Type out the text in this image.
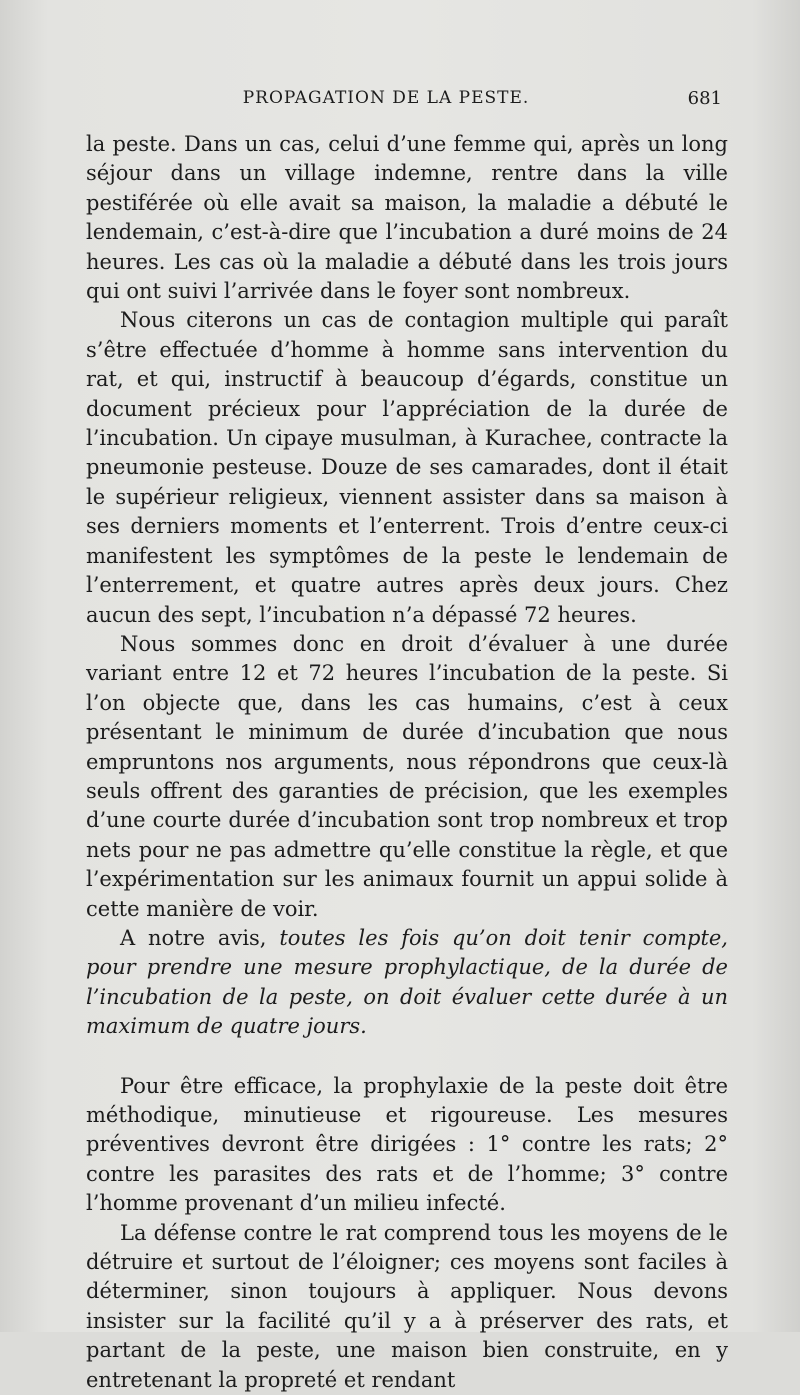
PROPAGATION DE LA PESTE.	681

la peste. Dans un cas, celui d’une femme qui, après un long séjour dans un village indemne, rentre dans la ville pestiférée où elle avait sa maison, la maladie a débuté le lendemain, c’est-à-dire que l’incubation a duré moins de 24 heures. Les cas où la maladie a débuté dans les trois jours qui ont suivi l’arrivée dans le foyer sont nombreux.

Nous citerons un cas de contagion multiple qui paraît s’être effectuée d’homme à homme sans intervention du rat, et qui, instructif à beaucoup d’égards, constitue un document précieux pour l’appréciation de la durée de l’incubation. Un cipaye musulman, à Kurachee, contracte la pneumonie pesteuse. Douze de ses camarades, dont il était le supérieur religieux, viennent assister dans sa maison à ses derniers moments et l’enterrent. Trois d’entre ceux-ci manifestent les symptômes de la peste le lendemain de l’enterrement, et quatre autres après deux jours. Chez aucun des sept, l’incubation n’a dépassé 72 heures.

Nous sommes donc en droit d’évaluer à une durée variant entre 12 et 72 heures l’incubation de la peste. Si l’on objecte que, dans les cas humains, c’est à ceux présentant le minimum de durée d’incubation que nous empruntons nos arguments, nous répondrons que ceux-là seuls offrent des garanties de précision, que les exemples d’une courte durée d’incubation sont trop nombreux et trop nets pour ne pas admettre qu’elle constitue la règle, et que l’expérimentation sur les animaux fournit un appui solide à cette manière de voir.

A notre avis, toutes les fois qu’on doit tenir compte, pour prendre une mesure prophylactique, de la durée de l’incubation de la peste, on doit évaluer cette durée à un maximum de quatre jours.

Pour être efficace, la prophylaxie de la peste doit être méthodique, minutieuse et rigoureuse. Les mesures préventives devront être dirigées : 1° contre les rats; 2° contre les parasites des rats et de l’homme; 3° contre l’homme provenant d’un milieu infecté.

La défense contre le rat comprend tous les moyens de le détruire et surtout de l’éloigner; ces moyens sont faciles à déterminer, sinon toujours à appliquer. Nous devons insister sur la facilité qu’il y a à préserver des rats, et partant de la peste, une maison bien construite, en y entretenant la propreté et rendant
